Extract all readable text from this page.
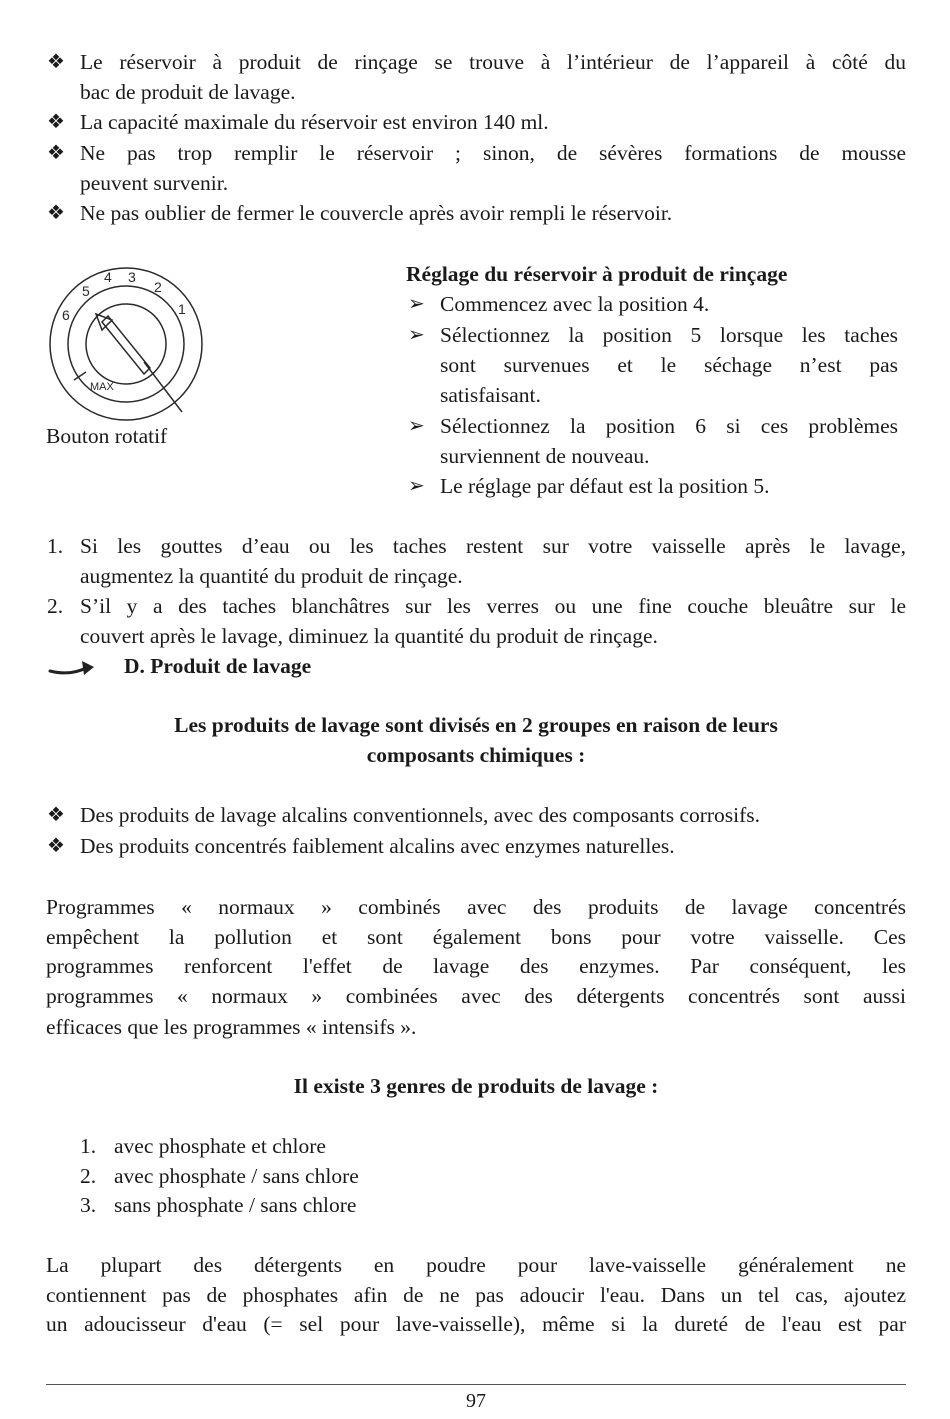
❖ Le réservoir à produit de rinçage se trouve à l’intérieur de l’appareil à côté du
bac de produit de lavage.
❖ La capacité maximale du réservoir est environ 140 ml.
❖ Ne pas trop remplir le réservoir ; sinon, de sévères formations de mousse
peuvent survenir.
❖ Ne pas oublier de fermer le couvercle après avoir rempli le réservoir.
1
2
3
4
5
6
MAX
Bouton rotatif
Réglage du réservoir à produit de rinçage
➢ Commencez avec la position 4.
➢ Sélectionnez la position 5 lorsque les taches
sont survenues et le séchage n’est pas
satisfaisant.
➢ Sélectionnez la position 6 si ces problèmes
surviennent de nouveau.
➢ Le réglage par défaut est la position 5.
1. Si les gouttes d’eau ou les taches restent sur votre vaisselle après le lavage,
augmentez la quantité du produit de rinçage.
2. S’il y a des taches blanchâtres sur les verres ou une fine couche bleuâtre sur le
couvert après le lavage, diminuez la quantité du produit de rinçage.
D. Produit de lavage
Les produits de lavage sont divisés en 2 groupes en raison de leurs
composants chimiques :
❖ Des produits de lavage alcalins conventionnels, avec des composants corrosifs.
❖ Des produits concentrés faiblement alcalins avec enzymes naturelles.
Programmes « normaux » combinés avec des produits de lavage concentrés
empêchent la pollution et sont également bons pour votre vaisselle. Ces
programmes renforcent l'effet de lavage des enzymes. Par conséquent, les
programmes « normaux » combinées avec des détergents concentrés sont aussi
efficaces que les programmes « intensifs ».
Il existe 3 genres de produits de lavage :
1. avec phosphate et chlore
2. avec phosphate / sans chlore
3. sans phosphate / sans chlore
La plupart des détergents en poudre pour lave-vaisselle généralement ne
contiennent pas de phosphates afin de ne pas adoucir l'eau. Dans un tel cas, ajoutez
un adoucisseur d'eau (= sel pour lave-vaisselle), même si la dureté de l'eau est par
97
